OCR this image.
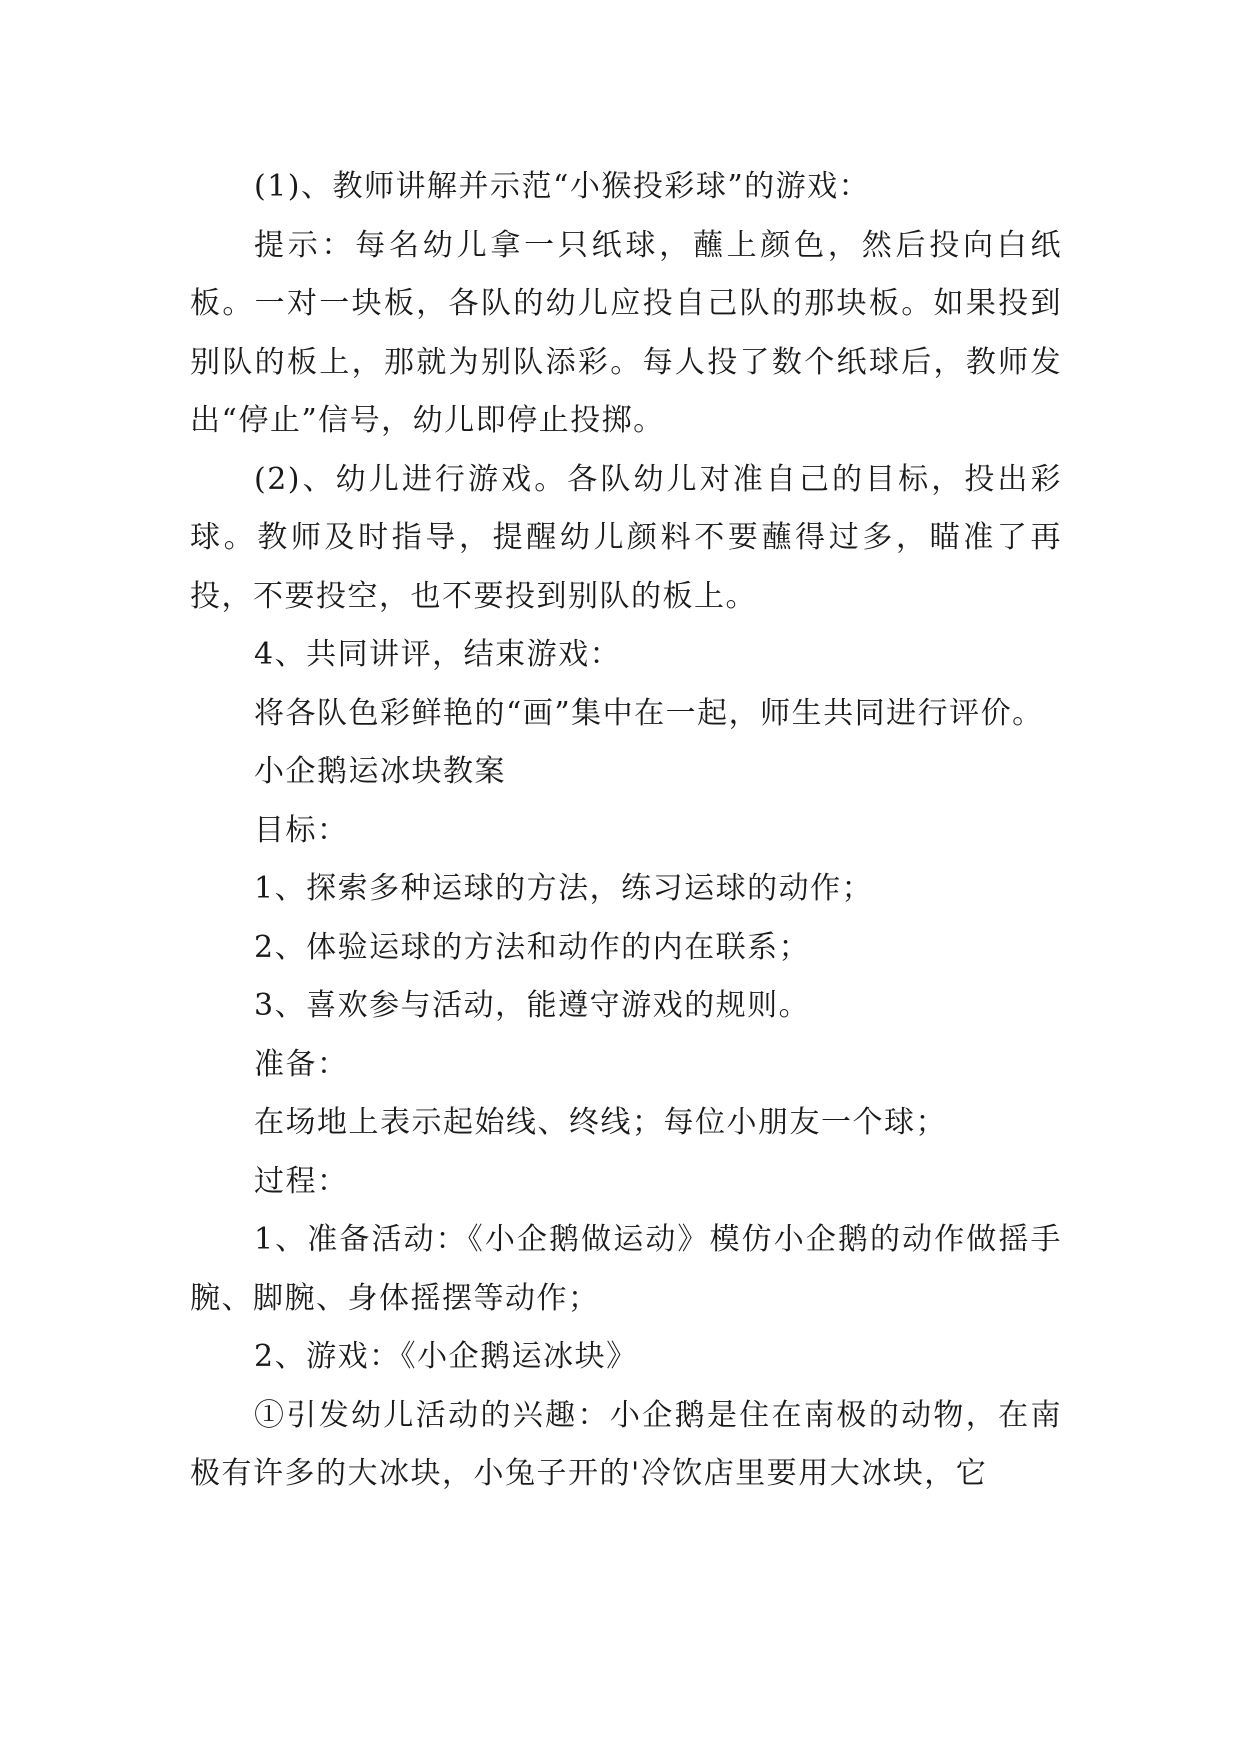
(1)、教师讲解并示范“小猴投彩球”的游戏：

提示：每名幼儿拿一只纸球，蘸上颜色，然后投向白纸板。一对一块板，各队的幼儿应投自己队的那块板。如果投到别队的板上，那就为别队添彩。每人投了数个纸球后，教师发出“停止”信号，幼儿即停止投掷。

(2)、幼儿进行游戏。各队幼儿对准自己的目标，投出彩球。教师及时指导，提醒幼儿颜料不要蘸得过多，瞄准了再投，不要投空，也不要投到别队的板上。

4、共同讲评，结束游戏：

将各队色彩鲜艳的“画”集中在一起，师生共同进行评价。

小企鹅运冰块教案

目标：

1、探索多种运球的方法，练习运球的动作；

2、体验运球的方法和动作的内在联系；

3、喜欢参与活动，能遵守游戏的规则。

准备：

在场地上表示起始线、终线；每位小朋友一个球；

过程：

1、准备活动：《小企鹅做运动》模仿小企鹅的动作做摇手腕、脚腕、身体摇摆等动作；

2、游戏：《小企鹅运冰块》

①引发幼儿活动的兴趣：小企鹅是住在南极的动物，在南极有许多的大冰块，小兔子开的'冷饮店里要用大冰块，它
